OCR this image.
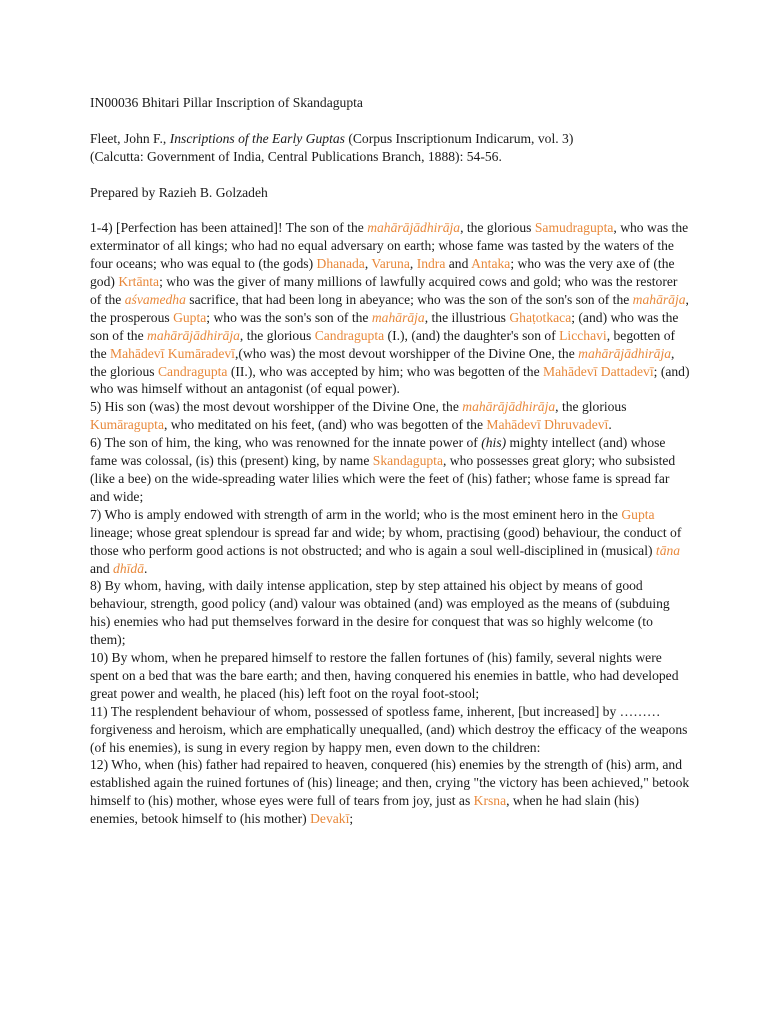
IN00036 Bhitari Pillar Inscription of Skandagupta

Fleet, John F., Inscriptions of the Early Guptas (Corpus Inscriptionum Indicarum, vol. 3)
(Calcutta: Government of India, Central Publications Branch, 1888): 54-56.

Prepared by Razieh B. Golzadeh

1-4) [Perfection has been attained]! The son of the mahārājādhirāja, the glorious Samudragupta, who was the exterminator of all kings; who had no equal adversary on earth; whose fame was tasted by the waters of the four oceans; who was equal to (the gods) Dhanada, Varuna, Indra and Antaka; who was the very axe of (the god) Krtānta; who was the giver of many millions of lawfully acquired cows and gold; who was the restorer of the aśvamedha sacrifice, that had been long in abeyance; who was the son of the son's son of the mahārāja, the prosperous Gupta; who was the son's son of the mahārāja, the illustrious Ghaṭotkaca; (and) who was the son of the mahārājādhirāja, the glorious Candragupta (I.), (and) the daughter's son of Licchavi, begotten of the Mahādevī Kumāradevī,(who was) the most devout worshipper of the Divine One, the mahārājādhirāja, the glorious Candragupta (II.), who was accepted by him; who was begotten of the Mahādevī Dattadevī; (and) who was himself without an antagonist (of equal power).

5) His son (was) the most devout worshipper of the Divine One, the mahārājādhirāja, the glorious Kumāragupta, who meditated on his feet, (and) who was begotten of the Mahādevī Dhruvadevī.

6) The son of him, the king, who was renowned for the innate power of (his) mighty intellect (and) whose fame was colossal, (is) this (present) king, by name Skandagupta, who possesses great glory; who subsisted (like a bee) on the wide-spreading water lilies which were the feet of (his) father; whose fame is spread far and wide;

7) Who is amply endowed with strength of arm in the world; who is the most eminent hero in the Gupta lineage; whose great splendour is spread far and wide; by whom, practising (good) behaviour, the conduct of those who perform good actions is not obstructed; and who is again a soul well-disciplined in (musical) tāna and dhīdā.

8) By whom, having, with daily intense application, step by step attained his object by means of good behaviour, strength, good policy (and) valour was obtained (and) was employed as the means of (subduing his) enemies who had put themselves forward in the desire for conquest that was so highly welcome (to them);

10) By whom, when he prepared himself to restore the fallen fortunes of (his) family, several nights were spent on a bed that was the bare earth; and then, having conquered his enemies in battle, who had developed great power and wealth, he placed (his) left foot on the royal foot-stool;

11) The resplendent behaviour of whom, possessed of spotless fame, inherent, [but increased] by ……… forgiveness and heroism, which are emphatically unequalled, (and) which destroy the efficacy of the weapons (of his enemies), is sung in every region by happy men, even down to the children:

12) Who, when (his) father had repaired to heaven, conquered (his) enemies by the strength of (his) arm, and established again the ruined fortunes of (his) lineage; and then, crying "the victory has been achieved," betook himself to (his) mother, whose eyes were full of tears from joy, just as Krsna, when he had slain (his) enemies, betook himself to (his mother) Devakī;
